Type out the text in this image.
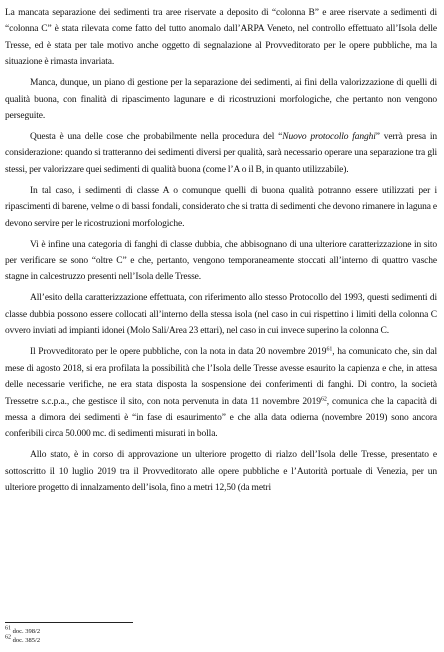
La mancata separazione dei sedimenti tra aree riservate a deposito di “colonna B” e aree riservate a sedimenti di “colonna C” è stata rilevata come fatto del tutto anomalo dall’ARPA Veneto, nel controllo effettuato all’Isola delle Tresse, ed è stata per tale motivo anche oggetto di segnalazione al Provveditorato per le opere pubbliche, ma la situazione è rimasta invariata.

Manca, dunque, un piano di gestione per la separazione dei sedimenti, ai fini della valorizzazione di quelli di qualità buona, con finalità di ripascimento lagunare e di ricostruzioni morfologiche, che pertanto non vengono perseguite.

Questa è una delle cose che probabilmente nella procedura del “Nuovo protocollo fanghi” verrà presa in considerazione: quando si tratteranno dei sedimenti diversi per qualità, sarà necessario operare una separazione tra gli stessi, per valorizzare quei sedimenti di qualità buona (come l’A o il B, in quanto utilizzabile).

In tal caso, i sedimenti di classe A o comunque quelli di buona qualità potranno essere utilizzati per i ripascimenti di barene, velme o di bassi fondali, considerato che si tratta di sedimenti che devono rimanere in laguna e devono servire per le ricostruzioni morfologiche.

Vi è infine una categoria di fanghi di classe dubbia, che abbisognano di una ulteriore caratterizzazione in sito per verificare se sono “oltre C” e che, pertanto, vengono temporaneamente stoccati all’interno di quattro vasche stagne in calcestruzzo presenti nell’Isola delle Tresse.

All’esito della caratterizzazione effettuata, con riferimento allo stesso Protocollo del 1993, questi sedimenti di classe dubbia possono essere collocati all’interno della stessa isola (nel caso in cui rispettino i limiti della colonna C ovvero inviati ad impianti idonei (Molo Sali/Area 23 ettari), nel caso in cui invece superino la colonna C.

Il Provveditorato per le opere pubbliche, con la nota in data 20 novembre 2019$^{61}$, ha comunicato che, sin dal mese di agosto 2018, si era profilata la possibilità che l’Isola delle Tresse avesse esaurito la capienza e che, in attesa delle necessarie verifiche, ne era stata disposta la sospensione dei conferimenti di fanghi. Di contro, la società Tressetre s.c.p.a., che gestisce il sito, con nota pervenuta in data 11 novembre 2019$^{62}$, comunica che la capacità di messa a dimora dei sedimenti è “in fase di esaurimento” e che alla data odierna (novembre 2019) sono ancora conferibili circa 50.000 mc. di sedimenti misurati in bolla.

Allo stato, è in corso di approvazione un ulteriore progetto di rialzo dell’Isola delle Tresse, presentato e sottoscritto il 10 luglio 2019 tra il Provveditorato alle opere pubbliche e l’Autorità portuale di Venezia, per un ulteriore progetto di innalzamento dell’isola, fino a metri 12,50 (da metri

$^{61}$ doc. 398/2
$^{62}$ doc. 385/2
